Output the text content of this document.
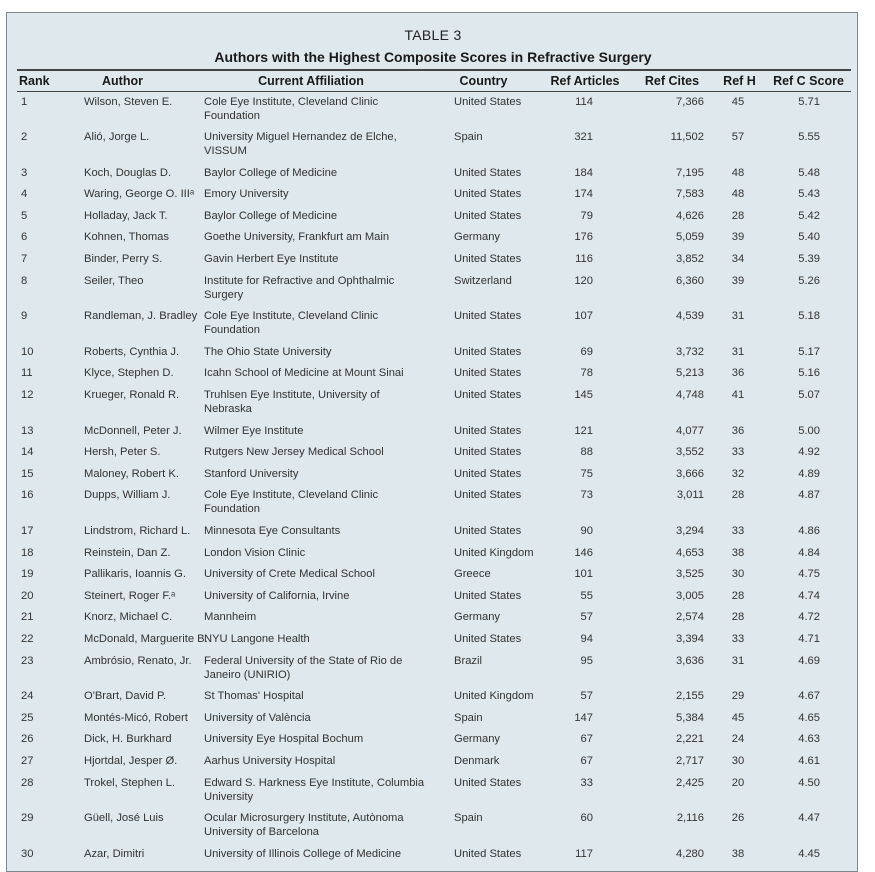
TABLE 3
Authors with the Highest Composite Scores in Refractive Surgery
Rank	Author	Current Affiliation	Country	Ref Articles	Ref Cites	Ref H	Ref C Score

1	Wilson, Steven E.	Cole Eye Institute, Cleveland Clinic Foundation	United States	114	7,366	45	5.71

2	Alió, Jorge L.	University Miguel Hernandez de Elche, VISSUM	Spain	321	11,502	57	5.55

3	Koch, Douglas D.	Baylor College of Medicine	United States	184	7,195	48	5.48

4	Waring, George O. IIIᵃ	Emory University	United States	174	7,583	48	5.43

5	Holladay, Jack T.	Baylor College of Medicine	United States	79	4,626	28	5.42

6	Kohnen, Thomas	Goethe University, Frankfurt am Main	Germany	176	5,059	39	5.40

7	Binder, Perry S.	Gavin Herbert Eye Institute	United States	116	3,852	34	5.39

8	Seiler, Theo	Institute for Refractive and Ophthalmic Surgery	Switzerland	120	6,360	39	5.26

9	Randleman, J. Bradley	Cole Eye Institute, Cleveland Clinic Foundation	United States	107	4,539	31	5.18

10	Roberts, Cynthia J.	The Ohio State University	United States	69	3,732	31	5.17

11	Klyce, Stephen D.	Icahn School of Medicine at Mount Sinai	United States	78	5,213	36	5.16

12	Krueger, Ronald R.	Truhlsen Eye Institute, University of Nebraska	United States	145	4,748	41	5.07

13	McDonnell, Peter J.	Wilmer Eye Institute	United States	121	4,077	36	5.00

14	Hersh, Peter S.	Rutgers New Jersey Medical School	United States	88	3,552	33	4.92

15	Maloney, Robert K.	Stanford University	United States	75	3,666	32	4.89

16	Dupps, William J.	Cole Eye Institute, Cleveland Clinic Foundation	United States	73	3,011	28	4.87

17	Lindstrom, Richard L.	Minnesota Eye Consultants	United States	90	3,294	33	4.86

18	Reinstein, Dan Z.	London Vision Clinic	United Kingdom	146	4,653	38	4.84

19	Pallikaris, Ioannis G.	University of Crete Medical School	Greece	101	3,525	30	4.75

20	Steinert, Roger F.ᵃ	University of California, Irvine	United States	55	3,005	28	4.74

21	Knorz, Michael C.	Mannheim	Germany	57	2,574	28	4.72

22	McDonald, Marguerite B.	NYU Langone Health	United States	94	3,394	33	4.71

23	Ambrósio, Renato, Jr.	Federal University of the State of Rio de Janeiro (UNIRIO)	Brazil	95	3,636	31	4.69

24	O'Brart, David P.	St Thomas' Hospital	United Kingdom	57	2,155	29	4.67

25	Montés-Micó, Robert	University of València	Spain	147	5,384	45	4.65

26	Dick, H. Burkhard	University Eye Hospital Bochum	Germany	67	2,221	24	4.63

27	Hjortdal, Jesper Ø.	Aarhus University Hospital	Denmark	67	2,717	30	4.61

28	Trokel, Stephen L.	Edward S. Harkness Eye Institute, Columbia University	United States	33	2,425	20	4.50

29	Güell, José Luis	Ocular Microsurgery Institute, Autònoma University of Barcelona	Spain	60	2,116	26	4.47

30	Azar, Dimitri	University of Illinois College of Medicine	United States	117	4,280	38	4.45
